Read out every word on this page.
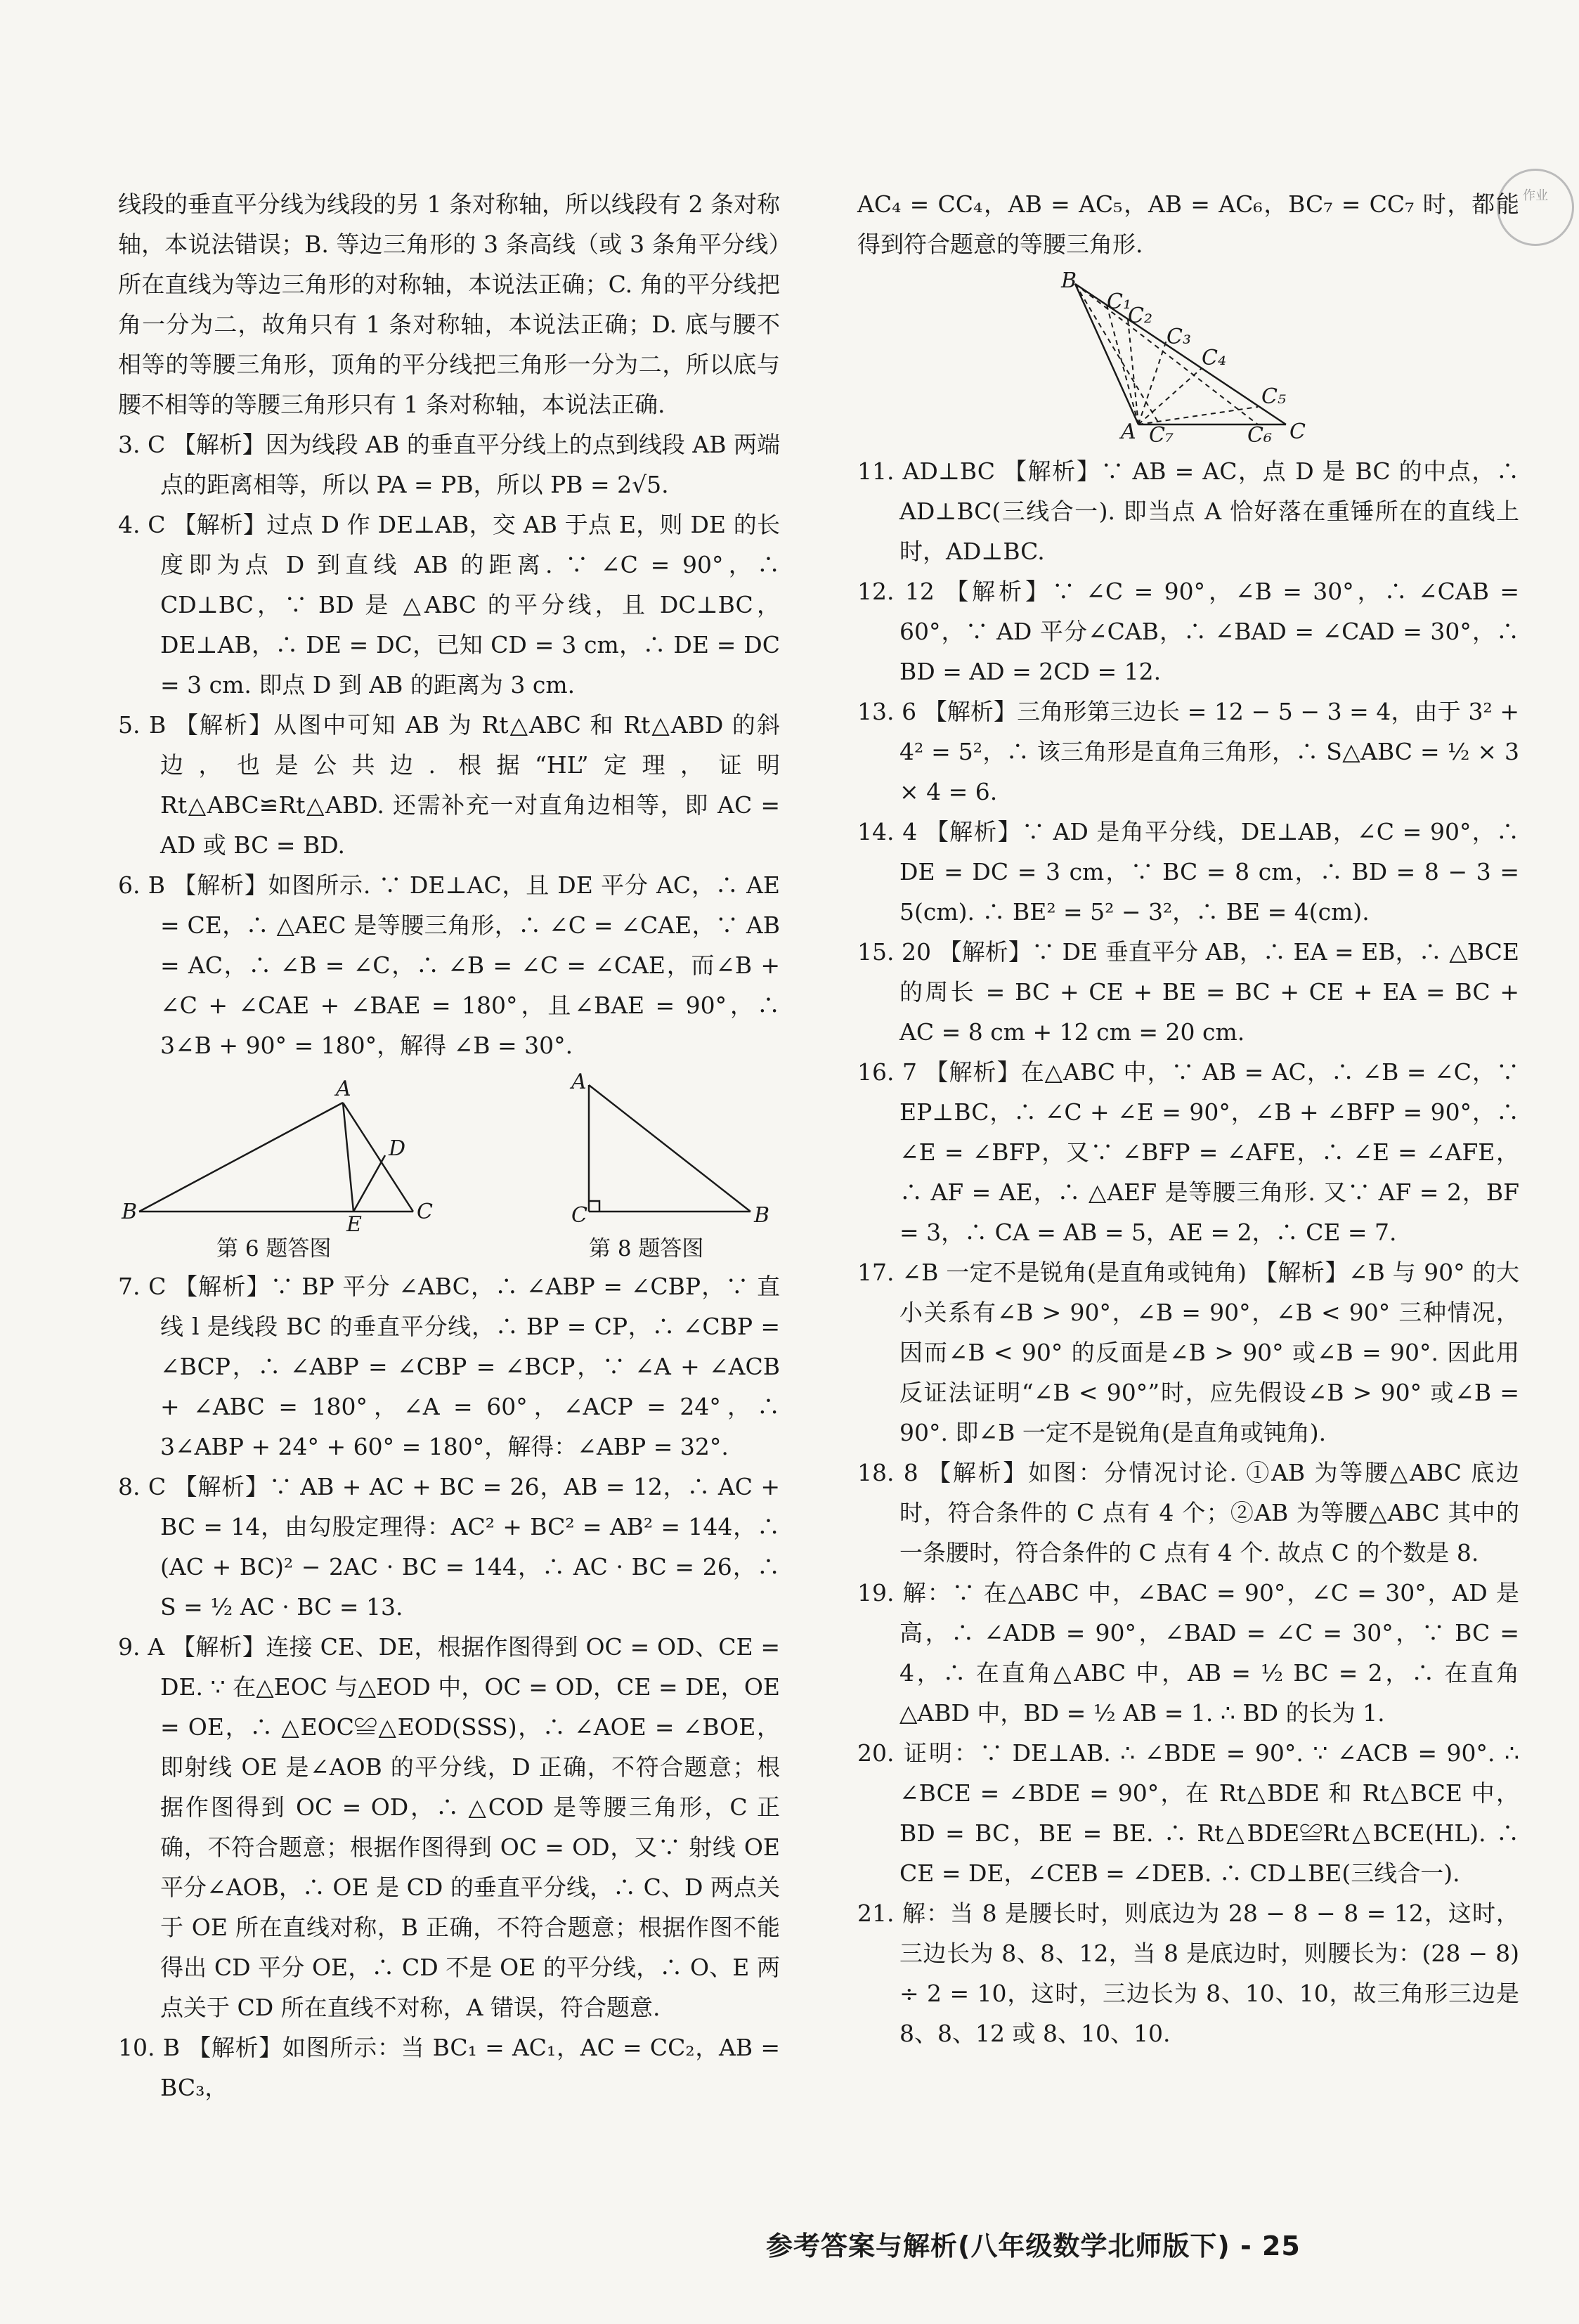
作业

线段的垂直平分线为线段的另 1 条对称轴，所以线段有 2 条对称轴，本说法错误；B. 等边三角形的 3 条高线（或 3 条角平分线）所在直线为等边三角形的对称轴，本说法正确；C. 角的平分线把角一分为二，故角只有 1 条对称轴，本说法正确；D. 底与腰不相等的等腰三角形，顶角的平分线把三角形一分为二，所以底与腰不相等的等腰三角形只有 1 条对称轴，本说法正确.

3. C 【解析】因为线段 AB 的垂直平分线上的点到线段 AB 两端点的距离相等，所以 PA = PB，所以 PB = 2√5.

4. C 【解析】过点 D 作 DE⊥AB，交 AB 于点 E，则 DE 的长度即为点 D 到直线 AB 的距离. ∵ ∠C = 90°，∴ CD⊥BC，∵ BD 是 △ABC 的平分线，且 DC⊥BC，DE⊥AB，∴ DE = DC，已知 CD = 3 cm，∴ DE = DC = 3 cm. 即点 D 到 AB 的距离为 3 cm.

5. B 【解析】从图中可知 AB 为 Rt△ABC 和 Rt△ABD 的斜边，也是公共边. 根据“HL”定理，证明 Rt△ABC≌Rt△ABD. 还需补充一对直角边相等，即 AC = AD 或 BC = BD.

6. B 【解析】如图所示. ∵ DE⊥AC，且 DE 平分 AC，∴ AE = CE，∴ △AEC 是等腰三角形，∴ ∠C = ∠CAE，∵ AB = AC，∴ ∠B = ∠C，∴ ∠B = ∠C = ∠CAE，而∠B + ∠C + ∠CAE + ∠BAE = 180°，且∠BAE = 90°，∴ 3∠B + 90° = 180°，解得 ∠B = 30°.

B
A
C
D
E
A
C	B
第 6 题答图	第 8 题答图

7. C 【解析】∵ BP 平分 ∠ABC，∴ ∠ABP = ∠CBP，∵ 直线 l 是线段 BC 的垂直平分线，∴ BP = CP，∴ ∠CBP = ∠BCP，∴ ∠ABP = ∠CBP = ∠BCP，∵ ∠A + ∠ACB + ∠ABC = 180°，∠A = 60°，∠ACP = 24°，∴ 3∠ABP + 24° + 60° = 180°，解得：∠ABP = 32°.

8. C 【解析】∵ AB + AC + BC = 26，AB = 12，∴ AC + BC = 14，由勾股定理得：AC² + BC² = AB² = 144，∴ (AC + BC)² − 2AC · BC = 144，∴ AC · BC = 26，∴ S = ½ AC · BC = 13.

9. A 【解析】连接 CE、DE，根据作图得到 OC = OD、CE = DE. ∵ 在△EOC 与△EOD 中，OC = OD，CE = DE，OE = OE，∴ △EOC≌△EOD(SSS)，∴ ∠AOE = ∠BOE，即射线 OE 是∠AOB 的平分线，D 正确，不符合题意；根据作图得到 OC = OD，∴ △COD 是等腰三角形，C 正确，不符合题意；根据作图得到 OC = OD，又∵ 射线 OE 平分∠AOB，∴ OE 是 CD 的垂直平分线，∴ C、D 两点关于 OE 所在直线对称，B 正确，不符合题意；根据作图不能得出 CD 平分 OE，∴ CD 不是 OE 的平分线，∴ O、E 两点关于 CD 所在直线不对称，A 错误，符合题意.

10. B 【解析】如图所示：当 BC₁ = AC₁，AC = CC₂，AB = BC₃，

AC₄ = CC₄，AB = AC₅，AB = AC₆，BC₇ = CC₇ 时，都能得到符合题意的等腰三角形.

B
C₁
C₂
C₃
C₄
C₅
A C₇	C₆ C

11. AD⊥BC 【解析】∵ AB = AC，点 D 是 BC 的中点，∴ AD⊥BC(三线合一). 即当点 A 恰好落在重锤所在的直线上时，AD⊥BC.

12. 12 【解析】∵ ∠C = 90°，∠B = 30°，∴ ∠CAB = 60°，∵ AD 平分∠CAB，∴ ∠BAD = ∠CAD = 30°，∴ BD = AD = 2CD = 12.

13. 6 【解析】三角形第三边长 = 12 − 5 − 3 = 4，由于 3² + 4² = 5²，∴ 该三角形是直角三角形，∴ S△ABC = ½ × 3 × 4 = 6.

14. 4 【解析】∵ AD 是角平分线，DE⊥AB，∠C = 90°，∴ DE = DC = 3 cm，∵ BC = 8 cm，∴ BD = 8 − 3 = 5(cm). ∴ BE² = 5² − 3²，∴ BE = 4(cm).

15. 20 【解析】∵ DE 垂直平分 AB，∴ EA = EB，∴ △BCE 的周长 = BC + CE + BE = BC + CE + EA = BC + AC = 8 cm + 12 cm = 20 cm.

16. 7 【解析】在△ABC 中，∵ AB = AC，∴ ∠B = ∠C，∵ EP⊥BC，∴ ∠C + ∠E = 90°，∠B + ∠BFP = 90°，∴ ∠E = ∠BFP，又∵ ∠BFP = ∠AFE，∴ ∠E = ∠AFE，∴ AF = AE，∴ △AEF 是等腰三角形. 又∵ AF = 2，BF = 3，∴ CA = AB = 5，AE = 2，∴ CE = 7.

17. ∠B 一定不是锐角(是直角或钝角) 【解析】∠B 与 90° 的大小关系有∠B > 90°，∠B = 90°，∠B < 90° 三种情况，因而∠B < 90° 的反面是∠B > 90° 或∠B = 90°. 因此用反证法证明“∠B < 90°”时，应先假设∠B > 90° 或∠B = 90°. 即∠B 一定不是锐角(是直角或钝角).

18. 8 【解析】如图：分情况讨论. ①AB 为等腰△ABC 底边时，符合条件的 C 点有 4 个；②AB 为等腰△ABC 其中的一条腰时，符合条件的 C 点有 4 个. 故点 C 的个数是 8.

19. 解：∵ 在△ABC 中，∠BAC = 90°，∠C = 30°，AD 是高，∴ ∠ADB = 90°，∠BAD = ∠C = 30°，∵ BC = 4，∴ 在直角△ABC 中，AB = ½ BC = 2，∴ 在直角△ABD 中，BD = ½ AB = 1. ∴ BD 的长为 1.

20. 证明：∵ DE⊥AB. ∴ ∠BDE = 90°. ∵ ∠ACB = 90°. ∴ ∠BCE = ∠BDE = 90°，在 Rt△BDE 和 Rt△BCE 中，BD = BC，BE = BE. ∴ Rt△BDE≌Rt△BCE(HL). ∴ CE = DE，∠CEB = ∠DEB. ∴ CD⊥BE(三线合一).

21. 解：当 8 是腰长时，则底边为 28 − 8 − 8 = 12，这时，三边长为 8、8、12，当 8 是底边时，则腰长为：(28 − 8) ÷ 2 = 10，这时，三边长为 8、10、10，故三角形三边是 8、8、12 或 8、10、10.

参考答案与解析(八年级数学北师版下) - 25
